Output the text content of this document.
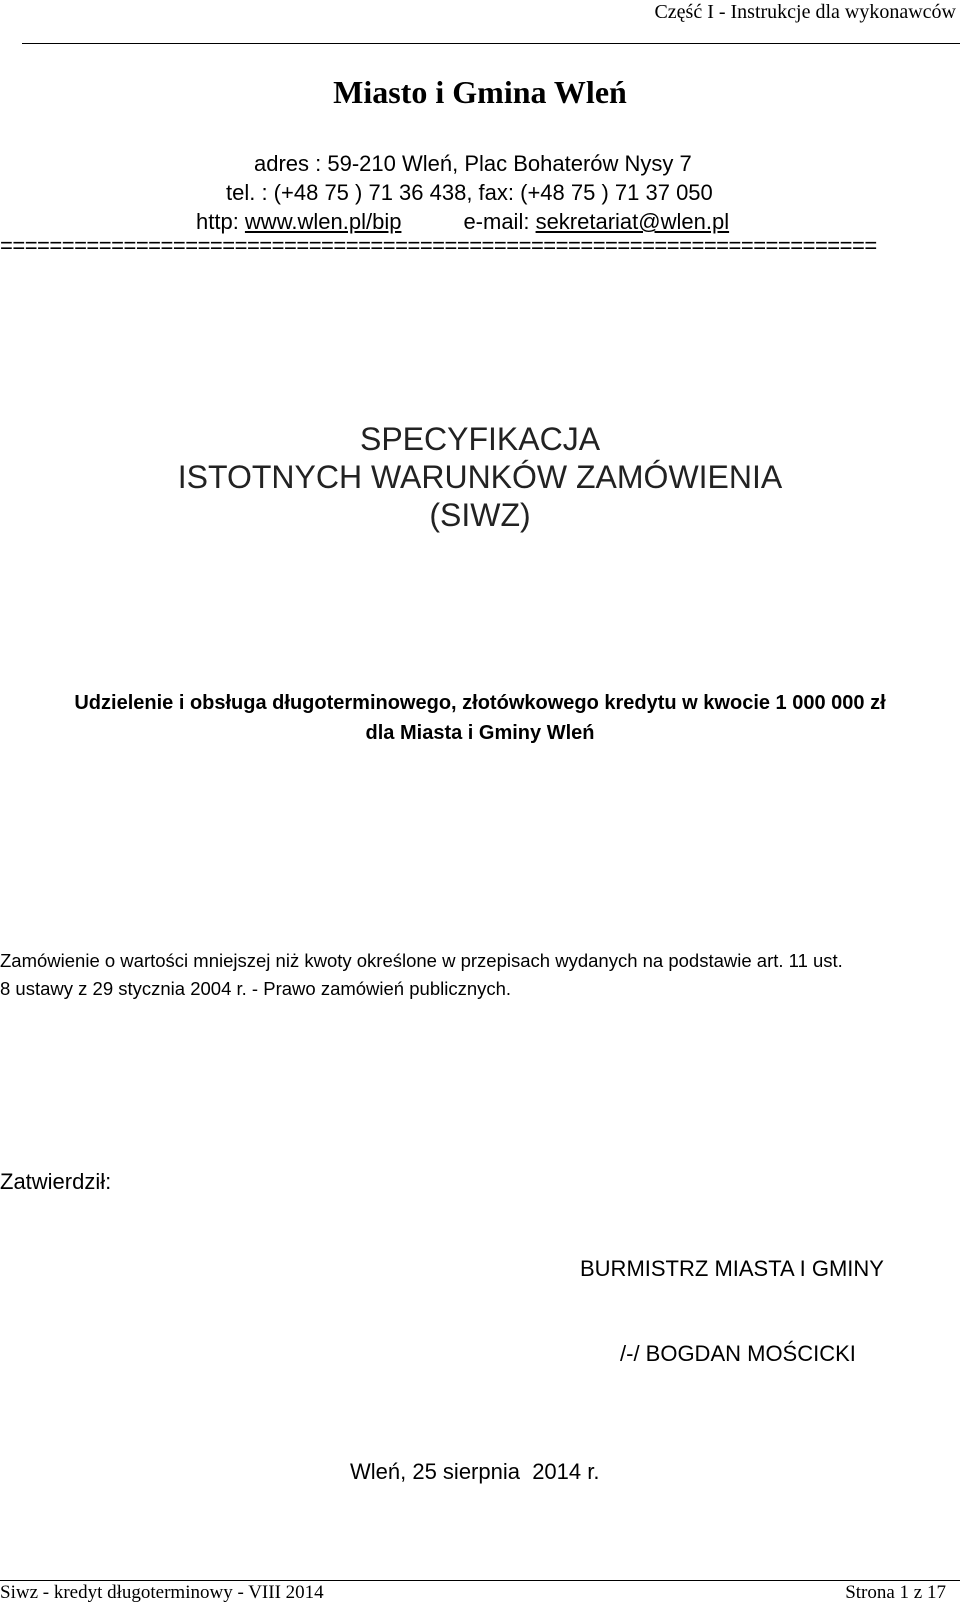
Część I - Instrukcje dla wykonawców
Miasto i Gmina Wleń
adres : 59-210 Wleń, Plac Bohaterów Nysy 7
tel. : (+48 75 ) 71 36 438, fax: (+48 75 ) 71 37 050
http: www.wlen.pl/bip	e-mail: sekretariat@wlen.pl
=======================================================================
SPECYFIKACJA
ISTOTNYCH WARUNKÓW ZAMÓWIENIA
(SIWZ)
Udzielenie i obsługa długoterminowego, złotówkowego kredytu w kwocie 1 000 000 zł
dla Miasta i Gminy Wleń
Zamówienie o wartości mniejszej niż kwoty określone w przepisach wydanych na podstawie art. 11 ust.
8 ustawy z 29 stycznia 2004 r. - Prawo zamówień publicznych.
Zatwierdził:
BURMISTRZ MIASTA I GMINY
/-/ BOGDAN MOŚCICKI
Wleń, 25 sierpnia  2014 r.
Siwz - kredyt długoterminowy - VIII 2014	Strona 1 z 17
